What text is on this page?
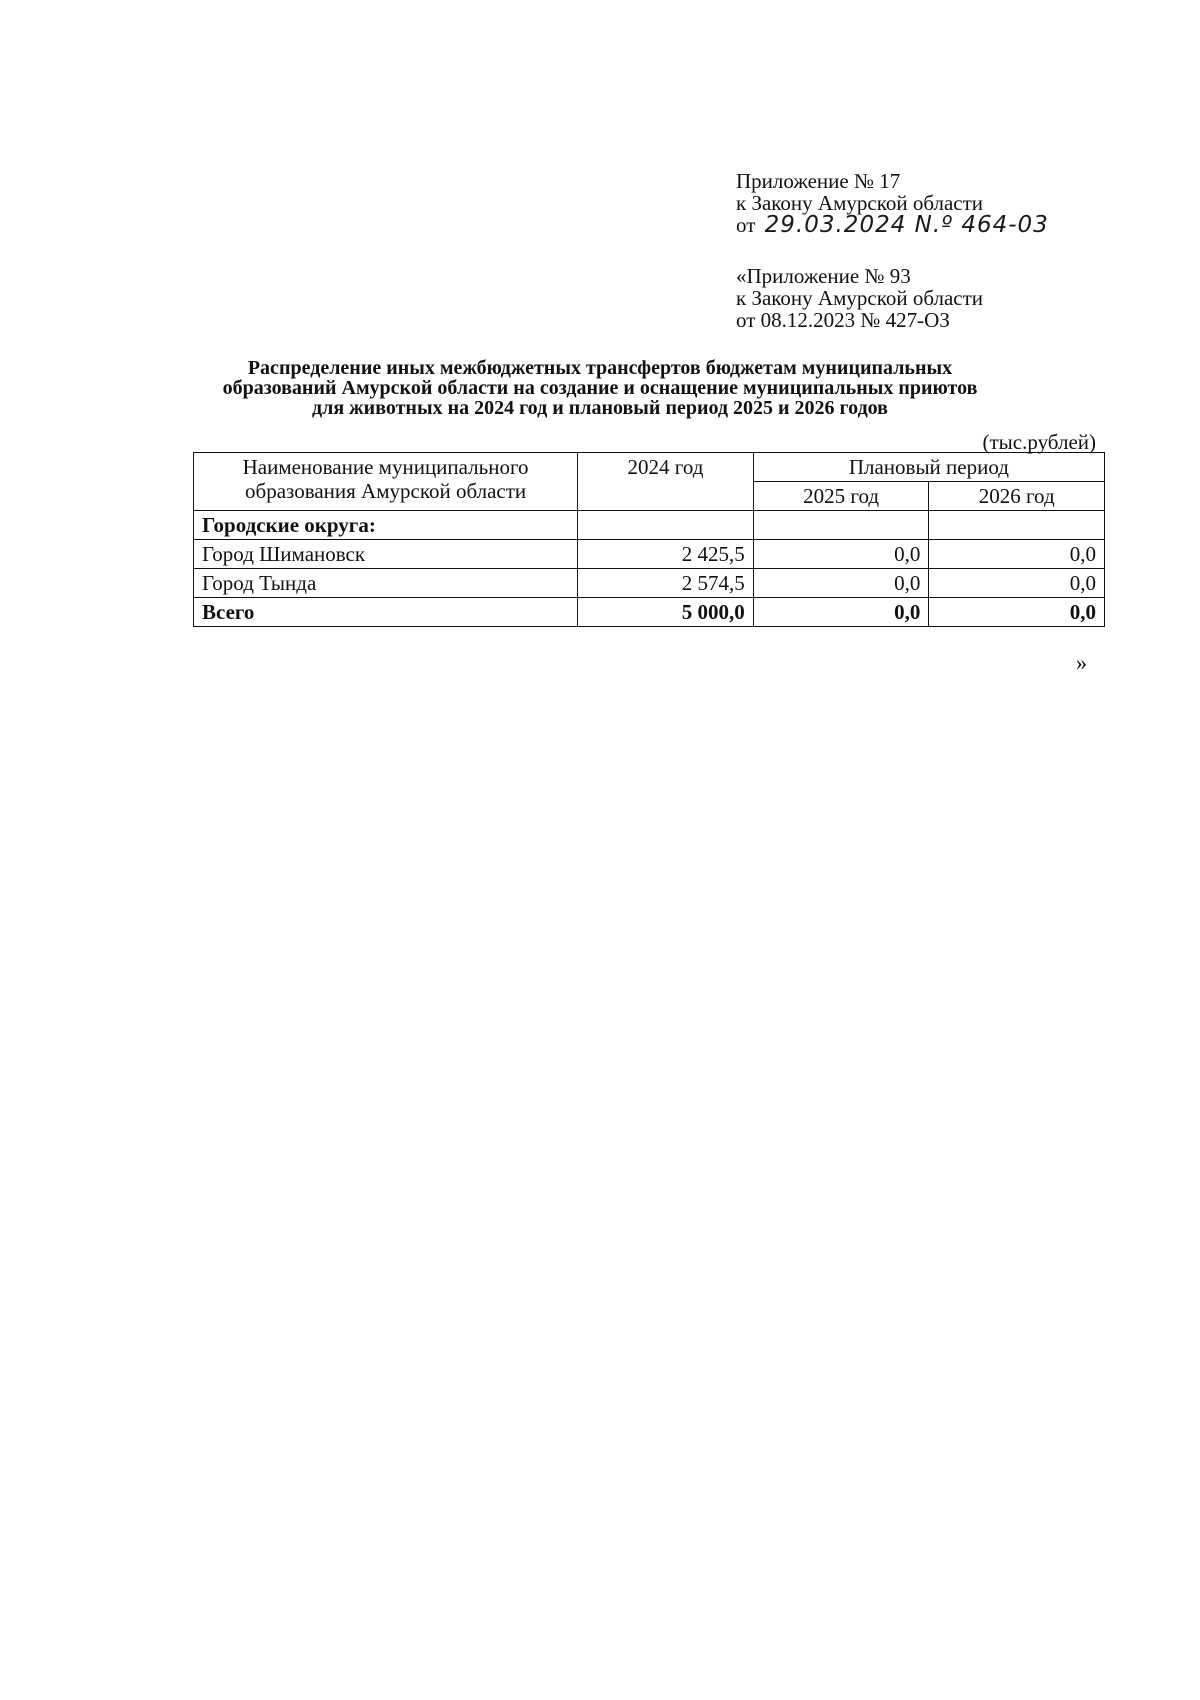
Приложение № 17
к Закону Амурской области
от 29.03.2024 N.º 464-03
«Приложение № 93
к Закону Амурской области
от 08.12.2023 № 427-ОЗ
Распределение иных межбюджетных трансфертов бюджетам муниципальных
образований Амурской области на создание и оснащение муниципальных приютов
для животных на 2024 год и плановый период 2025 и 2026 годов
(тыс.рублей)
Наименование муниципального
образования Амурской области	2024 год	Плановый период	
		2025 год	2026 год
Городские округа:			
Город Шимановск	2 425,5	0,0	0,0
Город Тында	2 574,5	0,0	0,0
Всего	5 000,0	0,0	0,0
»
